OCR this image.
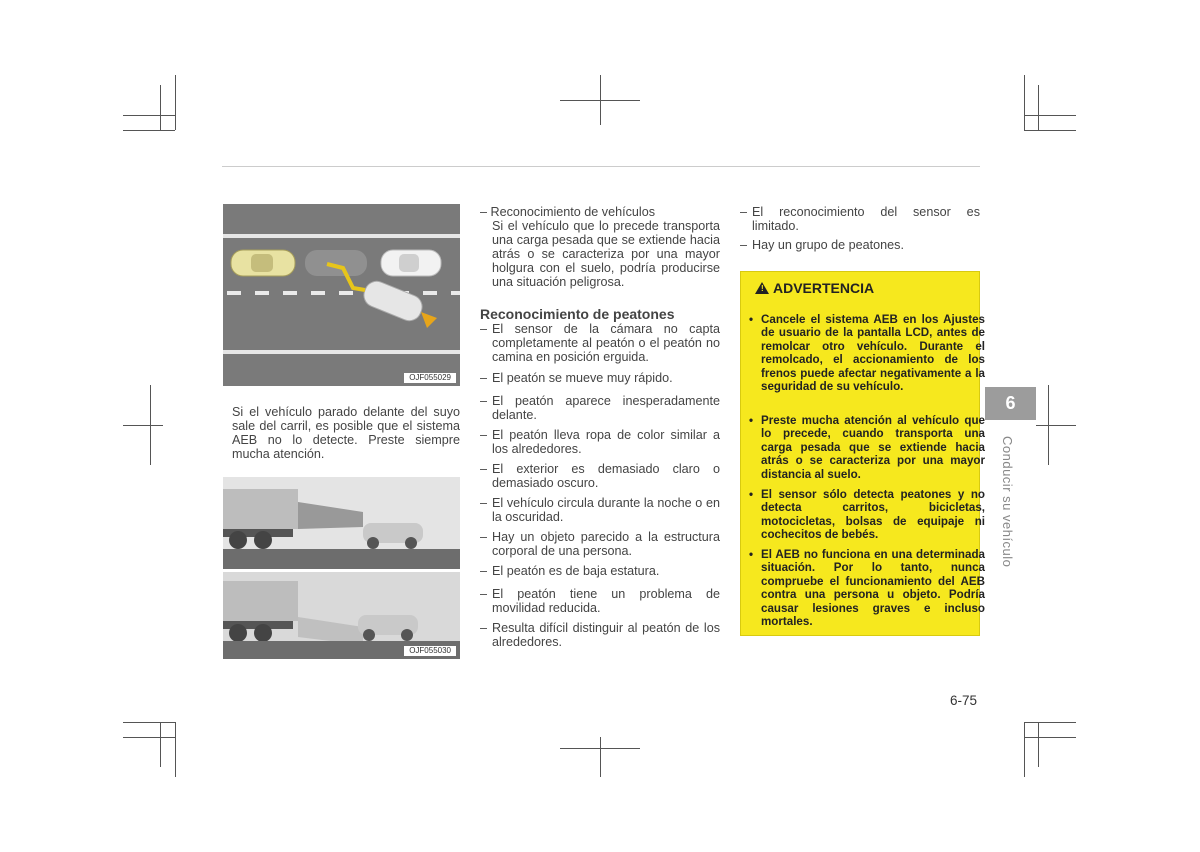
OJF055029
Si el vehículo parado delante del suyo sale del carril, es posible que el sistema AEB no lo detecte. Preste siempre mucha atención.
OJF055030
– Reconocimiento de vehículos
Si el vehículo que lo precede transporta una carga pesada que se extiende hacia atrás o se caracteriza por una mayor holgura con el suelo, podría producirse una situación peligrosa.
Reconocimiento de peatones
– El sensor de la cámara no capta completamente al peatón o el peatón no camina en posición erguida.
– El peatón se mueve muy rápido.
– El peatón aparece inesperadamente delante.
– El peatón lleva ropa de color similar a los alrededores.
– El exterior es demasiado claro o demasiado oscuro.
– El vehículo circula durante la noche o en la oscuridad.
– Hay un objeto parecido a la estructura corporal de una persona.
– El peatón es de baja estatura.
– El peatón tiene un problema de movilidad reducida.
– Resulta difícil distinguir al peatón de los alrededores.
– El reconocimiento del sensor es limitado.
– Hay un grupo de peatones.
! ADVERTENCIA
• Cancele el sistema AEB en los Ajustes de usuario de la pantalla LCD, antes de remolcar otro vehículo. Durante el remolcado, el accionamiento de los frenos puede afectar negativamente a la seguridad de su vehículo.
• Preste mucha atención al vehículo que lo precede, cuando transporta una carga pesada que se extiende hacia atrás o se caracteriza por una mayor distancia al suelo.
• El sensor sólo detecta peatones y no detecta carritos, bicicletas, motocicletas, bolsas de equipaje ni cochecitos de bebés.
• El AEB no funciona en una determinada situación. Por lo tanto, nunca compruebe el funcionamiento del AEB contra una persona u objeto. Podría causar lesiones graves e incluso mortales.
6
Conducir su vehículo
6-75
